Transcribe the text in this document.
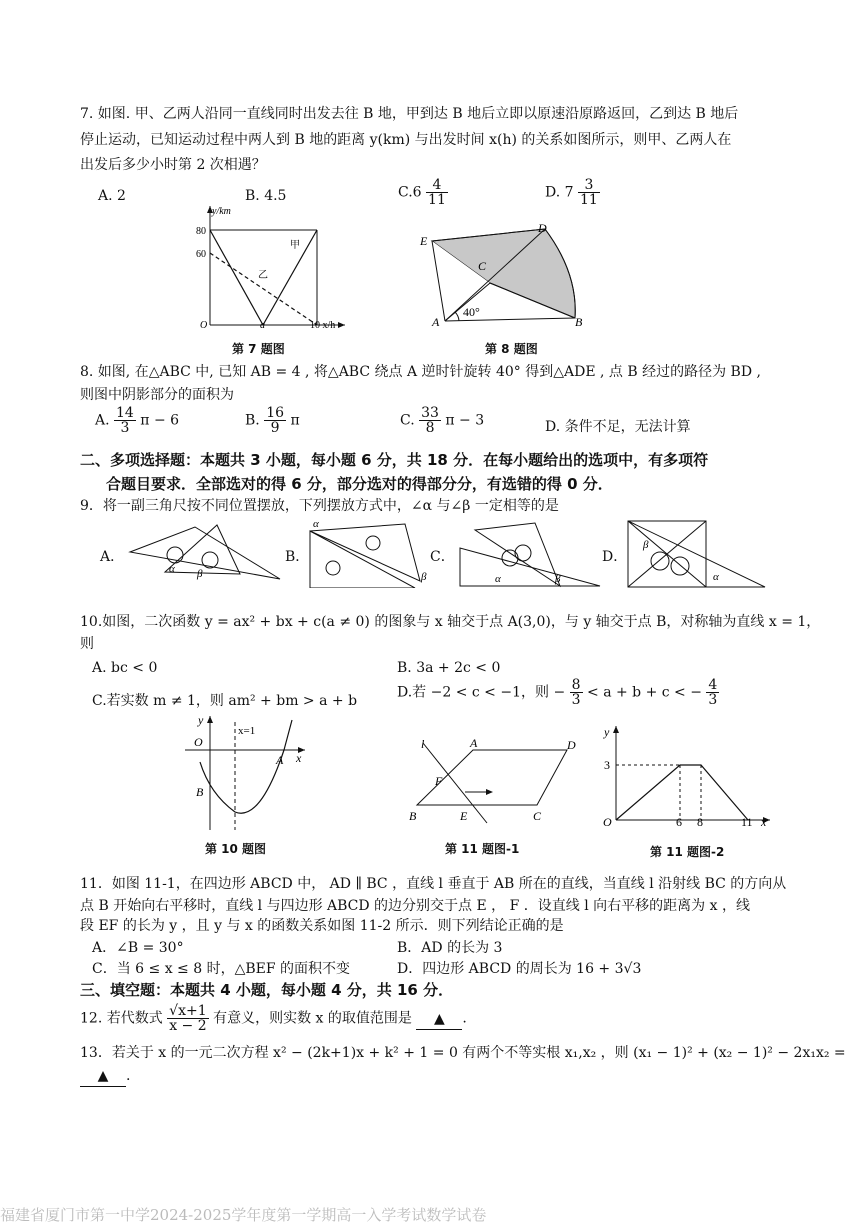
7. 如图. 甲、乙两人沿同一直线同时出发去往 B 地，甲到达 B 地后立即以原速沿原路返回，乙到达 B 地后
停止运动，已知运动过程中两人到 B 地的距离 y(km) 与出发时间 x(h) 的关系如图所示，则甲、乙两人在
出发后多少小时第 2 次相遇？
A. 2	B. 4.5	$C.6 \frac{4}{11}$	D. $7 \frac{3}{11}$
y/km
80
60
O	a	10 x/h
甲
乙
第 7 题图
E
D
C
A	B
40°
第 8 题图
8. 如图, 在△ABC 中, 已知 AB = 4 , 将△ABC 绕点 A 逆时针旋转 40° 得到△ADE , 点 B 经过的路径为 BD ,
则图中阴影部分的面积为
A. $\frac{14}{3}$ π − 6	B. $\frac{16}{9}$ π	C. $\frac{33}{8}$ π − 3	D. 条件不足，无法计算
二、多项选择题：本题共 3 小题，每小题 6 分，共 18 分．在每小题给出的选项中，有多项符
合题目要求．全部选对的得 6 分，部分选对的得部分分，有选错的得 0 分．
9．将一副三角尺按不同位置摆放，下列摆放方式中，∠α 与∠β 一定相等的是
A．
α β
B．
α
β
C．
α	β
D．
β
α
10.如图，二次函数 y = ax² + bx + c(a ≠ 0) 的图象与 x 轴交于点 A(3,0)，与 y 轴交于点 B，对称轴为直线 x = 1，
则
A. bc < 0	B. 3a + 2c < 0
C.若实数 m ≠ 1，则 am² + bm > a + b
D.若 −2 < c < −1，则 − $\frac{8}{3} < a + b + c$ < − $\frac{4}{3}$
y
O
x=1
A x
B
第 10 题图
l	A	D
F
B	E	C
第 11 题图-1
y
3
O	6 8	11 x
第 11 题图-2
11．如图 11-1，在四边形 ABCD 中， AD ∥ BC ，直线 l 垂直于 AB 所在的直线，当直线 l 沿射线 BC 的方向从
点 B 开始向右平移时，直线 l 与四边形 ABCD 的边分别交于点 E ， F ．设直线 l 向右平移的距离为 x ，线
段 EF 的长为 y ，且 y 与 x 的函数关系如图 11-2 所示．则下列结论正确的是
A．∠B = 30°	B．AD 的长为 3
C．当 6 ≤ x ≤ 8 时，△BEF 的面积不变	D．四边形 ABCD 的周长为 16 + 3√3
三、填空题：本题共 4 小题，每小题 4 分，共 16 分．
12. 若代数式 $\frac{√x+1}{x - 2}$ 有意义，则实数 x 的取值范围是 ▲ .
13．若关于 x 的一元二次方程 x² − (2k+1)x + k² + 1 = 0 有两个不等实根 x₁,x₂ ，则 (x₁ − 1)² + (x₂ − 1)² − 2x₁x₂ =
▲ .
福建省厦门市第一中学2024-2025学年度第一学期高一入学考试数学试卷
